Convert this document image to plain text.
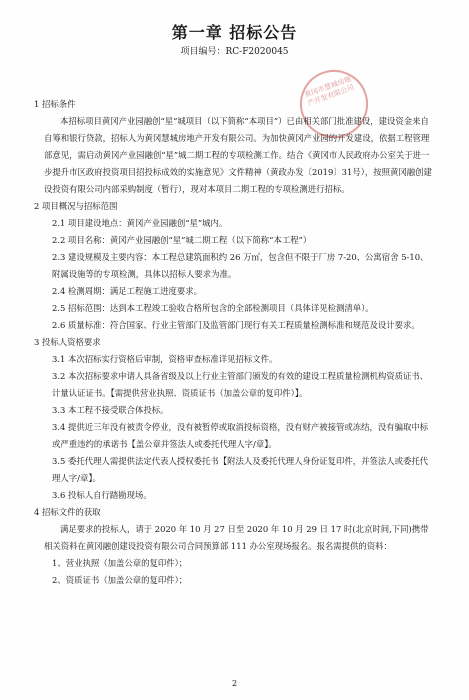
第一章 招标公告
项目编号：RC-F2020045
黄冈市慧城房地产开发有限公司
1 招标条件
本招标项目黄冈产业园融创“星”城项目（以下简称“本项目”）已由相关部门批准建设，建设资金来自自筹和银行贷款，招标人为黄冈慧城房地产开发有限公司。为加快黄冈产业园的开发建设，依据工程管理部意见，需启动黄冈产业园融创“星”城二期工程的专项检测工作。结合《黄冈市人民政府办公室关于进一步提升市区政府投资项目招投标成效的实施意见》文件精神（黄政办发〔2019〕31号），按照黄冈融创建设投资有限公司内部采购制度（暂行），现对本项目二期工程的专项检测进行招标。
2 项目概况与招标范围
2.1 项目建设地点：黄冈产业园融创“星”城内。
2.2 项目名称：黄冈产业园融创“星”城二期工程（以下简称“本工程”）
2.3 建设规模及主要内容：本工程总建筑面积约 26 万㎡，包含但不限于厂房 7-20、公寓宿舍 5-10、附属设施等的专项检测，具体以招标人要求为准。
2.4 检测周期：满足工程施工进度要求。
2.5 招标范围：达到本工程竣工验收合格所包含的全部检测项目（具体详见检测清单）。
2.6 质量标准：符合国家、行业主管部门及监管部门现行有关工程质量检测标准和规范及设计要求。
3 投标人资格要求
3.1 本次招标实行资格后审制，资格审查标准详见招标文件。
3.2 本次招标要求申请人具备省级及以上行业主管部门颁发的有效的建设工程质量检测机构资质证书、计量认证证书。【需提供营业执照、资质证书（加盖公章的复印件）】。
3.3 本工程不接受联合体投标。
3.4 提供近三年没有被责令停业，没有被暂停或取消投标资格，没有财产被接管或冻结，没有骗取中标或严重违约的承诺书【盖公章并签法人或委托代理人字/章】。
3.5 委托代理人需提供法定代表人授权委托书【附法人及委托代理人身份证复印件，并签法人或委托代理人字/章】。
3.6 投标人自行踏勘现场。
4 招标文件的获取
满足要求的投标人，请于 2020 年 10 月 27 日至 2020 年 10 月 29 日 17 时(北京时间,下同)携带相关资料在黄冈融创建设投资有限公司合同预算部 111 办公室现场报名。报名需提供的资料：
1、营业执照（加盖公章的复印件）；
2、资质证书（加盖公章的复印件）；
2
